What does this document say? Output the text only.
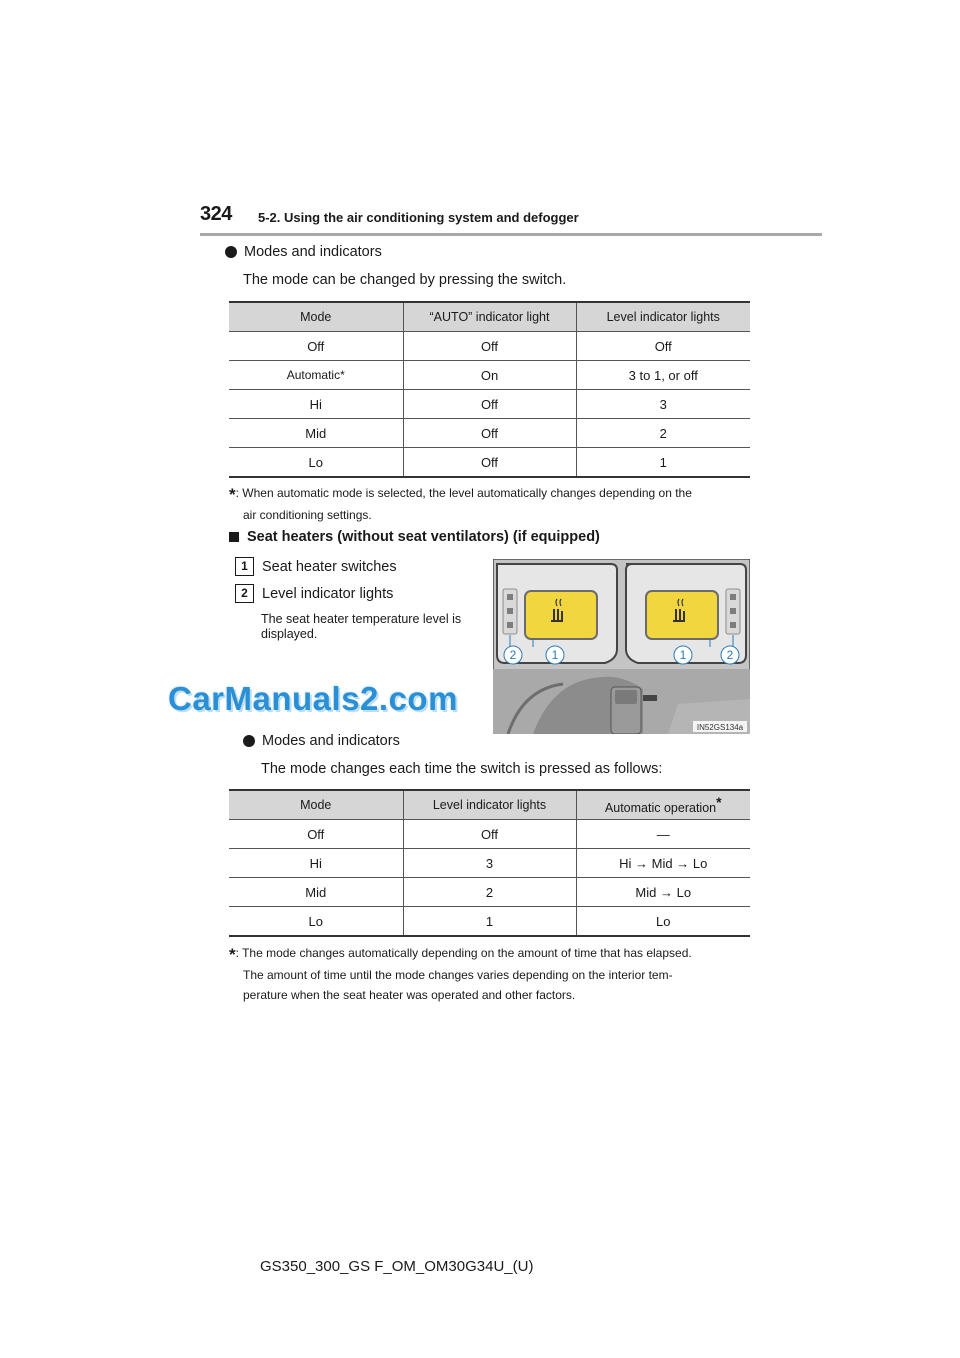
324 5-2. Using the air conditioning system and defogger
Modes and indicators
The mode can be changed by pressing the switch.
Mode	“AUTO” indicator light	Level indicator lights
Off	Off	Off
Automatic*	On	3 to 1, or off
Hi	Off	3
Mid	Off	2
Lo	Off	1
*: When automatic mode is selected, the level automatically changes depending on the
air conditioning settings.
Seat heaters (without seat ventilators) (if equipped)
1 Seat heater switches
2 Level indicator lights
The seat heater temperature level is
displayed.
2	1	1	2
IN52GS134a
CarManuals2.com
Modes and indicators
The mode changes each time the switch is pressed as follows:
Mode	Level indicator lights	Automatic operation*
Off	Off	—
Hi	3	Hi → Mid → Lo
Mid	2	Mid → Lo
Lo	1	Lo
*: The mode changes automatically depending on the amount of time that has elapsed.
The amount of time until the mode changes varies depending on the interior tem-
perature when the seat heater was operated and other factors.
GS350_300_GS F_OM_OM30G34U_(U)
